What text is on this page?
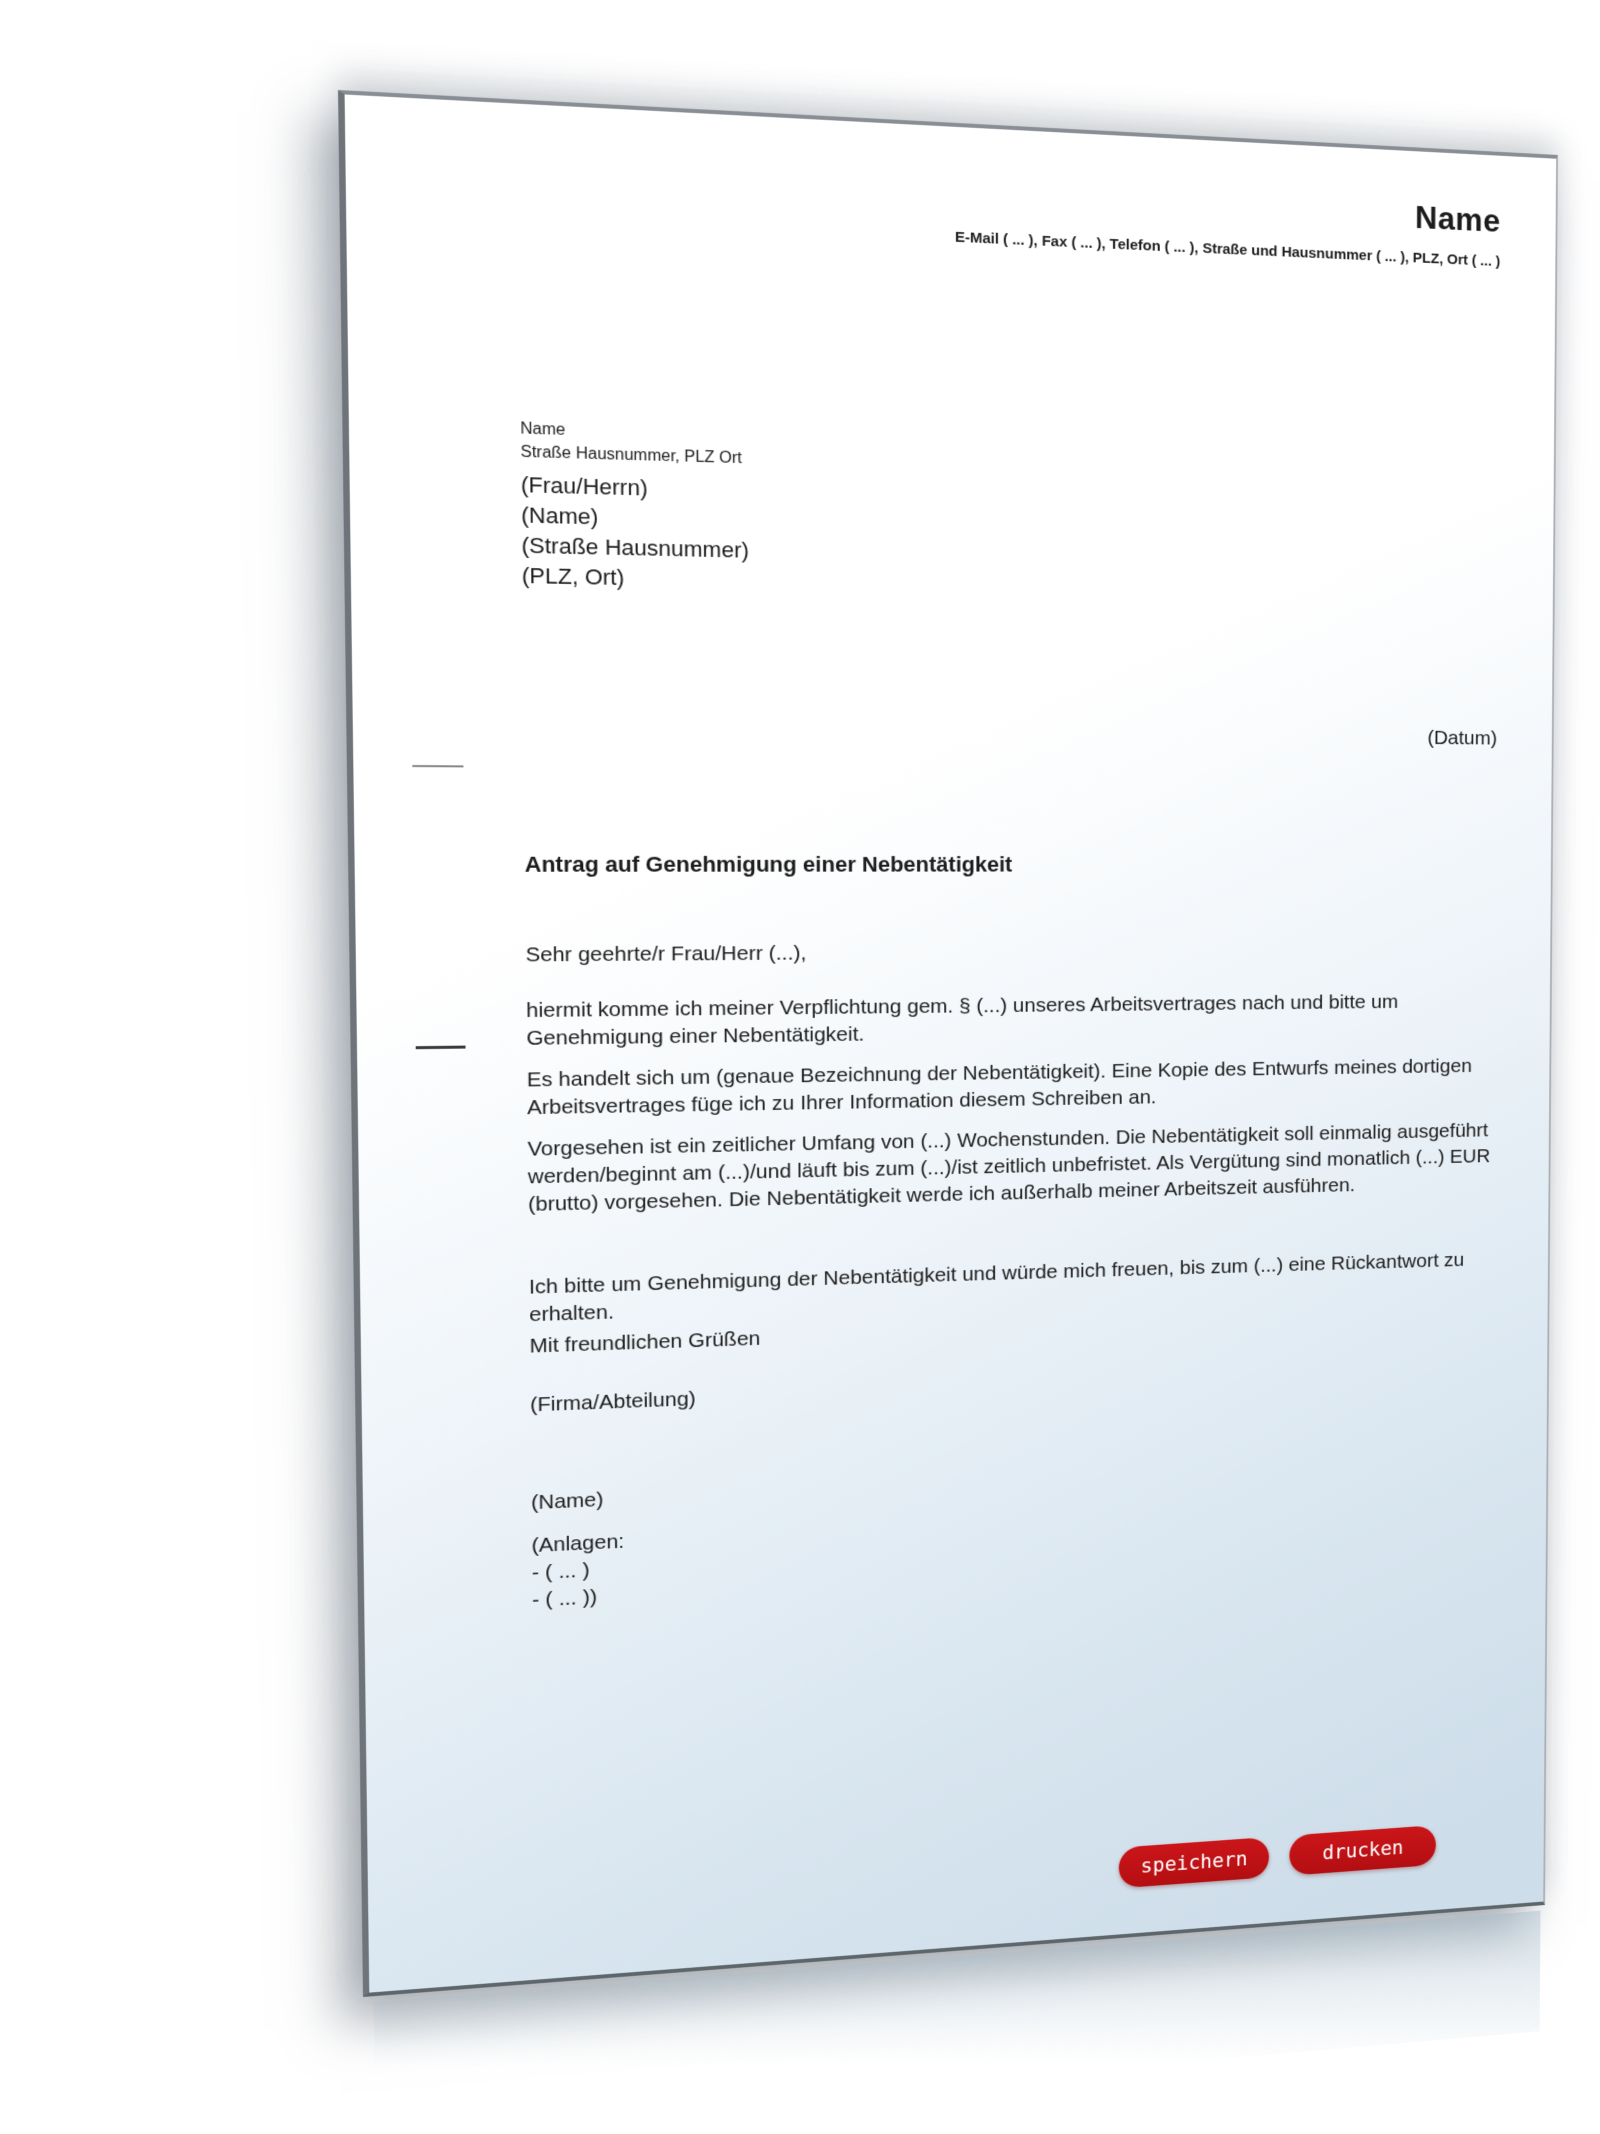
Name
E-Mail ( ... ), Fax ( ... ), Telefon ( ... ), Straße und Hausnummer ( ... ), PLZ, Ort ( ... )
Name
Straße Hausnummer, PLZ Ort
(Frau/Herrn)
(Name)
(Straße Hausnummer)
(PLZ, Ort)
(Datum)
Antrag auf Genehmigung einer Nebentätigkeit
Sehr geehrte/r Frau/Herr (...),
hiermit komme ich meiner Verpflichtung gem. § (...) unseres Arbeitsvertrages nach und bitte um Genehmigung einer Nebentätigkeit.
Es handelt sich um (genaue Bezeichnung der Nebentätigkeit). Eine Kopie des Entwurfs meines dortigen Arbeitsvertrages füge ich zu Ihrer Information diesem Schreiben an.
Vorgesehen ist ein zeitlicher Umfang von (...) Wochenstunden. Die Nebentätigkeit soll einmalig ausgeführt werden/beginnt am (...)/und läuft bis zum (...)/ist zeitlich unbefristet. Als Vergütung sind monatlich (...) EUR (brutto) vorgesehen. Die Nebentätigkeit werde ich außerhalb meiner Arbeitszeit ausführen.
Ich bitte um Genehmigung der Nebentätigkeit und würde mich freuen, bis zum (...) eine Rückantwort zu erhalten.
Mit freundlichen Grüßen
(Firma/Abteilung)
(Name)
(Anlagen:
- ( ... )
- ( ... ))
speichern	drucken
